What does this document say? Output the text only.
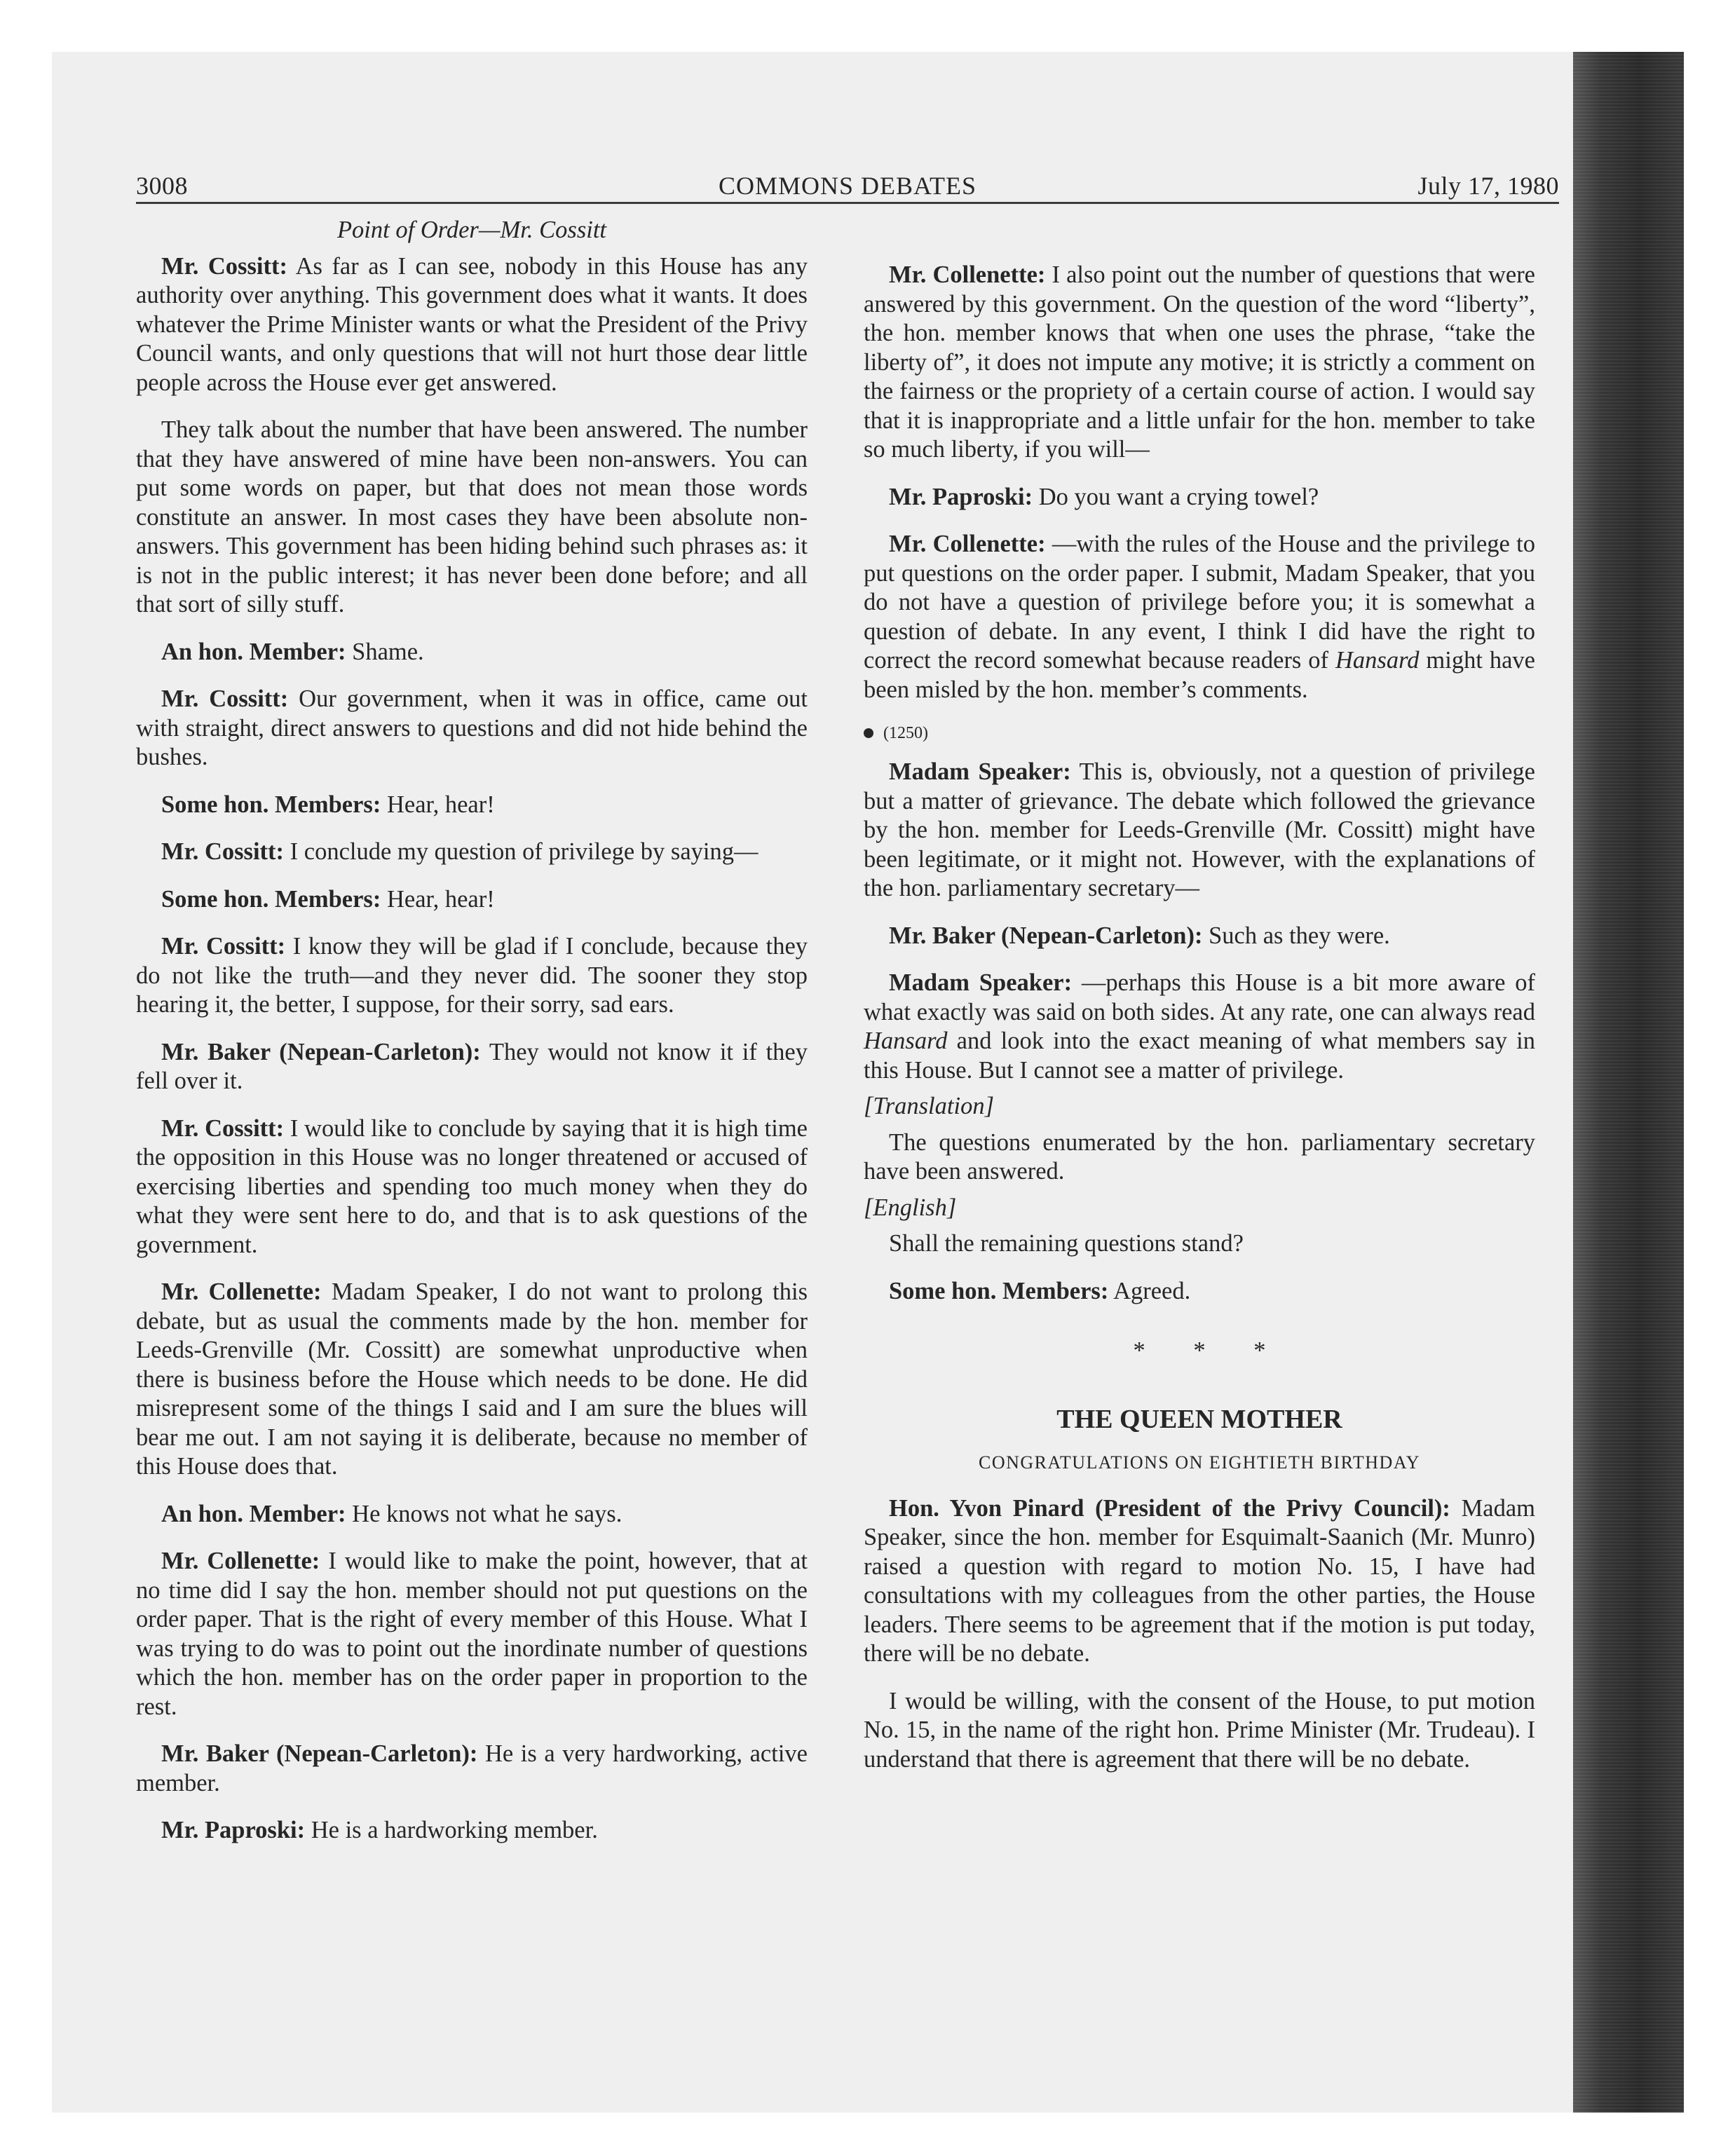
3008	COMMONS DEBATES	July 17, 1980
Point of Order—Mr. Cossitt

Mr. Cossitt: As far as I can see, nobody in this House has any authority over anything. This government does what it wants. It does whatever the Prime Minister wants or what the President of the Privy Council wants, and only questions that will not hurt those dear little people across the House ever get answered.

They talk about the number that have been answered. The number that they have answered of mine have been non-answers. You can put some words on paper, but that does not mean those words constitute an answer. In most cases they have been absolute non-answers. This government has been hiding behind such phrases as: it is not in the public interest; it has never been done before; and all that sort of silly stuff.

An hon. Member: Shame.

Mr. Cossitt: Our government, when it was in office, came out with straight, direct answers to questions and did not hide behind the bushes.

Some hon. Members: Hear, hear!

Mr. Cossitt: I conclude my question of privilege by saying—

Some hon. Members: Hear, hear!

Mr. Cossitt: I know they will be glad if I conclude, because they do not like the truth—and they never did. The sooner they stop hearing it, the better, I suppose, for their sorry, sad ears.

Mr. Baker (Nepean-Carleton): They would not know it if they fell over it.

Mr. Cossitt: I would like to conclude by saying that it is high time the opposition in this House was no longer threatened or accused of exercising liberties and spending too much money when they do what they were sent here to do, and that is to ask questions of the government.

Mr. Collenette: Madam Speaker, I do not want to prolong this debate, but as usual the comments made by the hon. member for Leeds-Grenville (Mr. Cossitt) are somewhat unproductive when there is business before the House which needs to be done. He did misrepresent some of the things I said and I am sure the blues will bear me out. I am not saying it is deliberate, because no member of this House does that.

An hon. Member: He knows not what he says.

Mr. Collenette: I would like to make the point, however, that at no time did I say the hon. member should not put questions on the order paper. That is the right of every member of this House. What I was trying to do was to point out the inordinate number of questions which the hon. member has on the order paper in proportion to the rest.

Mr. Baker (Nepean-Carleton): He is a very hardworking, active member.

Mr. Paproski: He is a hardworking member.

Mr. Collenette: I also point out the number of questions that were answered by this government. On the question of the word “liberty”, the hon. member knows that when one uses the phrase, “take the liberty of”, it does not impute any motive; it is strictly a comment on the fairness or the propriety of a certain course of action. I would say that it is inappropriate and a little unfair for the hon. member to take so much liberty, if you will—

Mr. Paproski: Do you want a crying towel?

Mr. Collenette: —with the rules of the House and the privilege to put questions on the order paper. I submit, Madam Speaker, that you do not have a question of privilege before you; it is somewhat a question of debate. In any event, I think I did have the right to correct the record somewhat because readers of Hansard might have been misled by the hon. member’s comments.

(1250)

Madam Speaker: This is, obviously, not a question of privilege but a matter of grievance. The debate which followed the grievance by the hon. member for Leeds-Grenville (Mr. Cossitt) might have been legitimate, or it might not. However, with the explanations of the hon. parliamentary secretary—

Mr. Baker (Nepean-Carleton): Such as they were.

Madam Speaker: —perhaps this House is a bit more aware of what exactly was said on both sides. At any rate, one can always read Hansard and look into the exact meaning of what members say in this House. But I cannot see a matter of privilege.

[Translation]

The questions enumerated by the hon. parliamentary secretary have been answered.

[English]

Shall the remaining questions stand?

Some hon. Members: Agreed.

* * *
THE QUEEN MOTHER
CONGRATULATIONS ON EIGHTIETH BIRTHDAY

Hon. Yvon Pinard (President of the Privy Council): Madam Speaker, since the hon. member for Esquimalt-Saanich (Mr. Munro) raised a question with regard to motion No. 15, I have had consultations with my colleagues from the other parties, the House leaders. There seems to be agreement that if the motion is put today, there will be no debate.

I would be willing, with the consent of the House, to put motion No. 15, in the name of the right hon. Prime Minister (Mr. Trudeau). I understand that there is agreement that there will be no debate.
